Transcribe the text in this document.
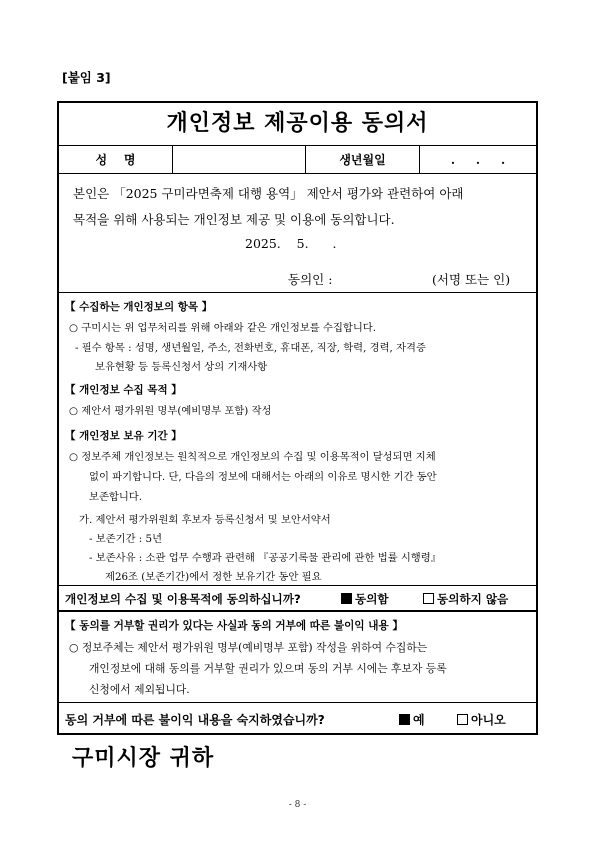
[붙임 3]
개인정보 제공이용 동의서
성    명	생년월일	.     .     .
본인은 「2025 구미라면축제 대행 용역」 제안서 평가와 관련하여 아래
목적을 위해 사용되는 개인정보 제공 및 이용에 동의합니다.
2025.    5.      .
동의인 :	(서명 또는 인)
【 수집하는 개인정보의 항목 】
○ 구미시는 위 업무처리를 위해 아래와 같은 개인정보를 수집합니다.
- 필수 항목 : 성명, 생년월일, 주소, 전화번호, 휴대폰, 직장, 학력, 경력, 자격증
보유현황 등 등록신청서 상의 기재사항
【 개인정보 수집 목적 】
○ 제안서 평가위원 명부(예비명부 포함) 작성
【 개인정보 보유 기간 】
○ 정보주체 개인정보는 원칙적으로 개인정보의 수집 및 이용목적이 달성되면 지체
없이 파기합니다. 단, 다음의 정보에 대해서는 아래의 이유로 명시한 기간 동안
보존합니다.
가. 제안서 평가위원회 후보자 등록신청서 및 보안서약서
- 보존기간 : 5년
- 보존사유 : 소관 업무 수행과 관련해 『공공기록물 관리에 관한 법률 시행령』
제26조 (보존기간)에서 정한 보유기간 동안 필요
개인정보의 수집 및 이용목적에 동의하십니까?	동의함	동의하지 않음
【 동의를 거부할 권리가 있다는 사실과 동의 거부에 따른 불이익 내용 】
○ 정보주체는 제안서 평가위원 명부(예비명부 포함) 작성을 위하여 수집하는
개인정보에 대해 동의를 거부할 권리가 있으며 동의 거부 시에는 후보자 등록
신청에서 제외됩니다.
동의 거부에 따른 불이익 내용을 숙지하였습니까?	예	아니오
구미시장 귀하
- 8 -
